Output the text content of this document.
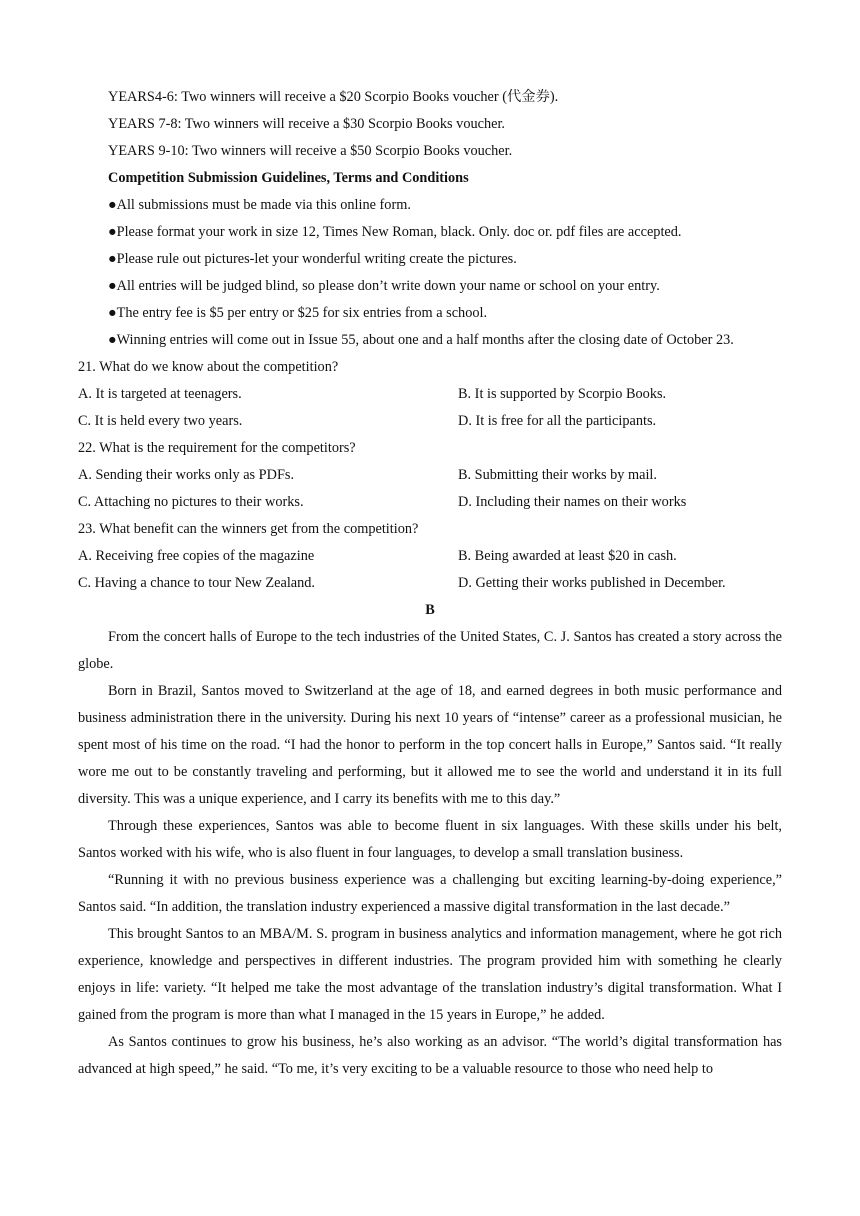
YEARS4-6: Two winners will receive a $20 Scorpio Books voucher (代金券).
YEARS 7-8: Two winners will receive a $30 Scorpio Books voucher.
YEARS 9-10: Two winners will receive a $50 Scorpio Books voucher.
Competition Submission Guidelines, Terms and Conditions
●All submissions must be made via this online form.
●Please format your work in size 12, Times New Roman, black. Only. doc or. pdf files are accepted.
●Please rule out pictures-let your wonderful writing create the pictures.
●All entries will be judged blind, so please don’t write down your name or school on your entry.
●The entry fee is $5 per entry or $25 for six entries from a school.
●Winning entries will come out in Issue 55, about one and a half months after the closing date of October 23.
21. What do we know about the competition?
A. It is targeted at teenagers.	B. It is supported by Scorpio Books.
C. It is held every two years.	D. It is free for all the participants.
22. What is the requirement for the competitors?
A. Sending their works only as PDFs.	B. Submitting their works by mail.
C. Attaching no pictures to their works.	D. Including their names on their works
23. What benefit can the winners get from the competition?
A. Receiving free copies of the magazine	B. Being awarded at least $20 in cash.
C. Having a chance to tour New Zealand.	D. Getting their works published in December.
B
From the concert halls of Europe to the tech industries of the United States, C. J. Santos has created a story across the globe.
Born in Brazil, Santos moved to Switzerland at the age of 18, and earned degrees in both music performance and business administration there in the university. During his next 10 years of “intense” career as a professional musician, he spent most of his time on the road. “I had the honor to perform in the top concert halls in Europe,” Santos said. “It really wore me out to be constantly traveling and performing, but it allowed me to see the world and understand it in its full diversity. This was a unique experience, and I carry its benefits with me to this day.”
Through these experiences, Santos was able to become fluent in six languages. With these skills under his belt, Santos worked with his wife, who is also fluent in four languages, to develop a small translation business.
“Running it with no previous business experience was a challenging but exciting learning-by-doing experience,” Santos said. “In addition, the translation industry experienced a massive digital transformation in the last decade.”
This brought Santos to an MBA/M. S. program in business analytics and information management, where he got rich experience, knowledge and perspectives in different industries. The program provided him with something he clearly enjoys in life: variety. “It helped me take the most advantage of the translation industry’s digital transformation. What I gained from the program is more than what I managed in the 15 years in Europe,” he added.
As Santos continues to grow his business, he’s also working as an advisor. “The world’s digital transformation has advanced at high speed,” he said. “To me, it’s very exciting to be a valuable resource to those who need help to
